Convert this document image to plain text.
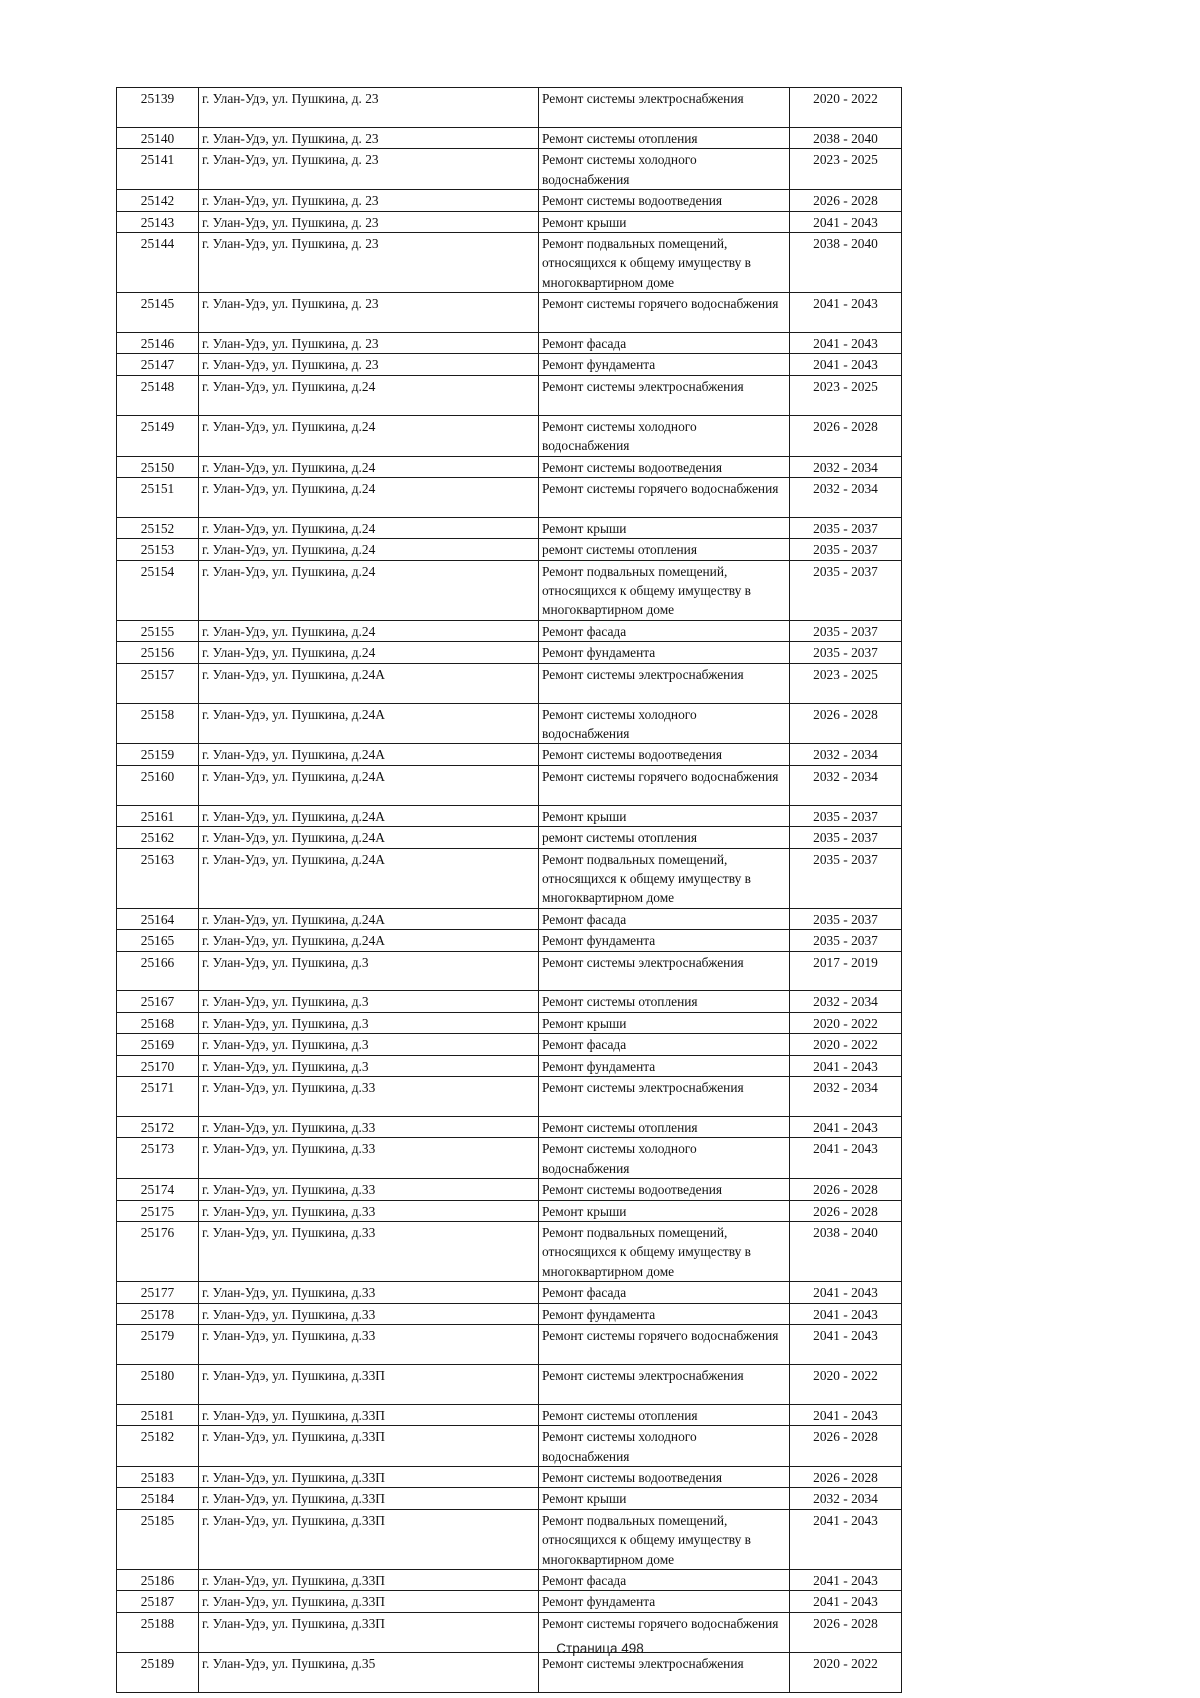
25139	г. Улан-Удэ, ул. Пушкина, д. 23	Ремонт системы электроснабжения	2020 - 2022
25140	г. Улан-Удэ, ул. Пушкина, д. 23	Ремонт системы отопления	2038 - 2040
25141	г. Улан-Удэ, ул. Пушкина, д. 23	Ремонт системы холодного водоснабжения	2023 - 2025
25142	г. Улан-Удэ, ул. Пушкина, д. 23	Ремонт системы водоотведения	2026 - 2028
25143	г. Улан-Удэ, ул. Пушкина, д. 23	Ремонт крыши	2041 - 2043
25144	г. Улан-Удэ, ул. Пушкина, д. 23	Ремонт подвальных помещений, относящихся к общему имуществу в многоквартирном доме	2038 - 2040
25145	г. Улан-Удэ, ул. Пушкина, д. 23	Ремонт системы горячего водоснабжения	2041 - 2043
25146	г. Улан-Удэ, ул. Пушкина, д. 23	Ремонт фасада	2041 - 2043
25147	г. Улан-Удэ, ул. Пушкина, д. 23	Ремонт фундамента	2041 - 2043
25148	г. Улан-Удэ, ул. Пушкина, д.24	Ремонт системы электроснабжения	2023 - 2025
25149	г. Улан-Удэ, ул. Пушкина, д.24	Ремонт системы холодного водоснабжения	2026 - 2028
25150	г. Улан-Удэ, ул. Пушкина, д.24	Ремонт системы водоотведения	2032 - 2034
25151	г. Улан-Удэ, ул. Пушкина, д.24	Ремонт системы горячего водоснабжения	2032 - 2034
25152	г. Улан-Удэ, ул. Пушкина, д.24	Ремонт крыши	2035 - 2037
25153	г. Улан-Удэ, ул. Пушкина, д.24	ремонт системы отопления	2035 - 2037
25154	г. Улан-Удэ, ул. Пушкина, д.24	Ремонт подвальных помещений, относящихся к общему имуществу в многоквартирном доме	2035 - 2037
25155	г. Улан-Удэ, ул. Пушкина, д.24	Ремонт фасада	2035 - 2037
25156	г. Улан-Удэ, ул. Пушкина, д.24	Ремонт фундамента	2035 - 2037
25157	г. Улан-Удэ, ул. Пушкина, д.24А	Ремонт системы электроснабжения	2023 - 2025
25158	г. Улан-Удэ, ул. Пушкина, д.24А	Ремонт системы холодного водоснабжения	2026 - 2028
25159	г. Улан-Удэ, ул. Пушкина, д.24А	Ремонт системы водоотведения	2032 - 2034
25160	г. Улан-Удэ, ул. Пушкина, д.24А	Ремонт системы горячего водоснабжения	2032 - 2034
25161	г. Улан-Удэ, ул. Пушкина, д.24А	Ремонт крыши	2035 - 2037
25162	г. Улан-Удэ, ул. Пушкина, д.24А	ремонт системы отопления	2035 - 2037
25163	г. Улан-Удэ, ул. Пушкина, д.24А	Ремонт подвальных помещений, относящихся к общему имуществу в многоквартирном доме	2035 - 2037
25164	г. Улан-Удэ, ул. Пушкина, д.24А	Ремонт фасада	2035 - 2037
25165	г. Улан-Удэ, ул. Пушкина, д.24А	Ремонт фундамента	2035 - 2037
25166	г. Улан-Удэ, ул. Пушкина, д.3	Ремонт системы электроснабжения	2017 - 2019
25167	г. Улан-Удэ, ул. Пушкина, д.3	Ремонт системы отопления	2032 - 2034
25168	г. Улан-Удэ, ул. Пушкина, д.3	Ремонт крыши	2020 - 2022
25169	г. Улан-Удэ, ул. Пушкина, д.3	Ремонт фасада	2020 - 2022
25170	г. Улан-Удэ, ул. Пушкина, д.3	Ремонт фундамента	2041 - 2043
25171	г. Улан-Удэ, ул. Пушкина, д.33	Ремонт системы электроснабжения	2032 - 2034
25172	г. Улан-Удэ, ул. Пушкина, д.33	Ремонт системы отопления	2041 - 2043
25173	г. Улан-Удэ, ул. Пушкина, д.33	Ремонт системы холодного водоснабжения	2041 - 2043
25174	г. Улан-Удэ, ул. Пушкина, д.33	Ремонт системы водоотведения	2026 - 2028
25175	г. Улан-Удэ, ул. Пушкина, д.33	Ремонт крыши	2026 - 2028
25176	г. Улан-Удэ, ул. Пушкина, д.33	Ремонт подвальных помещений, относящихся к общему имуществу в многоквартирном доме	2038 - 2040
25177	г. Улан-Удэ, ул. Пушкина, д.33	Ремонт фасада	2041 - 2043
25178	г. Улан-Удэ, ул. Пушкина, д.33	Ремонт фундамента	2041 - 2043
25179	г. Улан-Удэ, ул. Пушкина, д.33	Ремонт системы горячего водоснабжения	2041 - 2043
25180	г. Улан-Удэ, ул. Пушкина, д.33П	Ремонт системы электроснабжения	2020 - 2022
25181	г. Улан-Удэ, ул. Пушкина, д.33П	Ремонт системы отопления	2041 - 2043
25182	г. Улан-Удэ, ул. Пушкина, д.33П	Ремонт системы холодного водоснабжения	2026 - 2028
25183	г. Улан-Удэ, ул. Пушкина, д.33П	Ремонт системы водоотведения	2026 - 2028
25184	г. Улан-Удэ, ул. Пушкина, д.33П	Ремонт крыши	2032 - 2034
25185	г. Улан-Удэ, ул. Пушкина, д.33П	Ремонт подвальных помещений, относящихся к общему имуществу в многоквартирном доме	2041 - 2043
25186	г. Улан-Удэ, ул. Пушкина, д.33П	Ремонт фасада	2041 - 2043
25187	г. Улан-Удэ, ул. Пушкина, д.33П	Ремонт фундамента	2041 - 2043
25188	г. Улан-Удэ, ул. Пушкина, д.33П	Ремонт системы горячего водоснабжения	2026 - 2028
25189	г. Улан-Удэ, ул. Пушкина, д.35	Ремонт системы электроснабжения	2020 - 2022
Страница 498
